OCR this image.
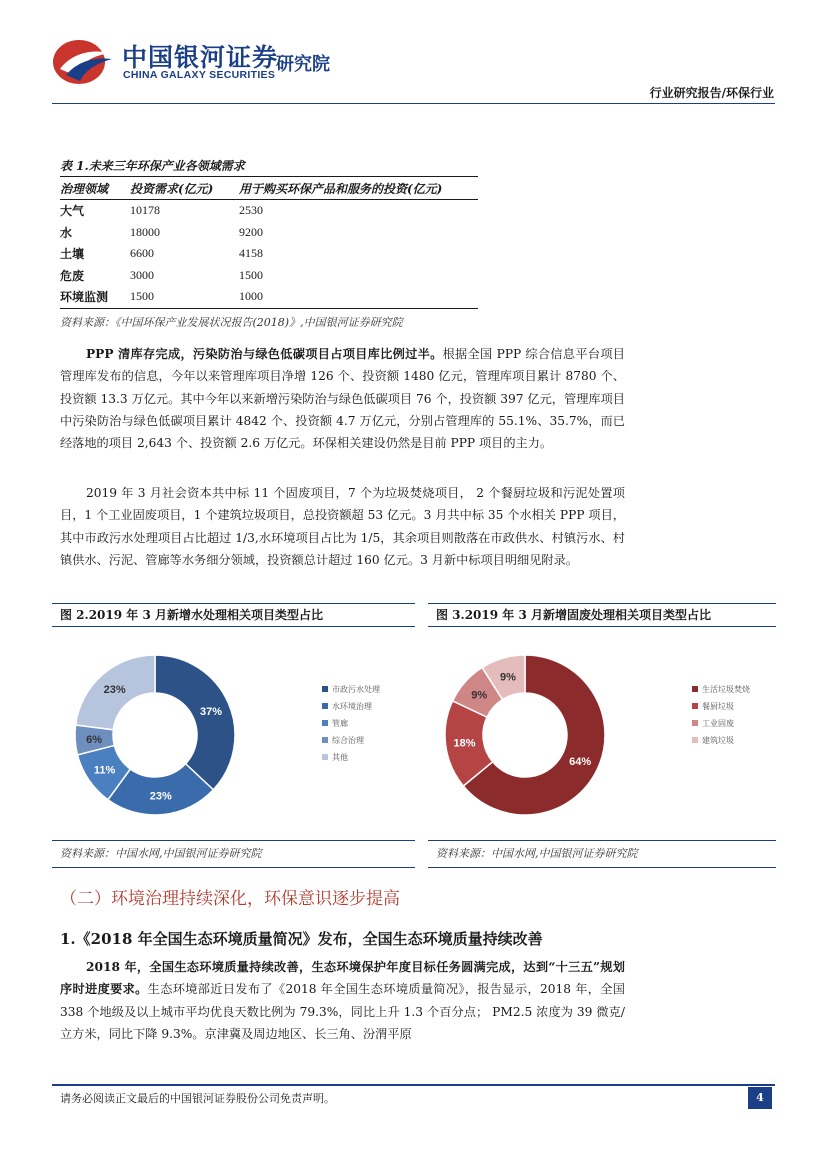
中国银河证券
CHINA GALAXY SECURITIES 研究院
行业研究报告/环保行业
表 1.未来三年环保产业各领域需求
治理领域	投资需求(亿元)	用于购买环保产品和服务的投资(亿元)
大气	10178	2530
水	18000	9200
土壤	6600	4158
危废	3000	1500
环境监测	1500	1000
资料来源：《中国环保产业发展状况报告(2018)》,中国银河证券研究院
PPP 清库存完成，污染防治与绿色低碳项目占项目库比例过半。根据全国 PPP 综合信息平台项目管理库发布的信息，今年以来管理库项目净增 126 个、投资额 1480 亿元，管理库项目累计 8780 个、投资额 13.3 万亿元。其中今年以来新增污染防治与绿色低碳项目 76 个，投资额 397 亿元，管理库项目中污染防治与绿色低碳项目累计 4842 个、投资额 4.7 万亿元，分别占管理库的 55.1%、35.7%，而已经落地的项目 2,643 个、投资额 2.6 万亿元。环保相关建设仍然是目前 PPP 项目的主力。
2019 年 3 月社会资本共中标 11 个固废项目，7 个为垃圾焚烧项目， 2 个餐厨垃圾和污泥处置项目，1 个工业固废项目，1 个建筑垃圾项目，总投资额超 53 亿元。3 月共中标 35 个水相关 PPP 项目，其中市政污水处理项目占比超过 1/3,水环境项目占比为 1/5，其余项目则散落在市政供水、村镇污水、村镇供水、污泥、管廊等水务细分领域，投资额总计超过 160 亿元。3 月新中标项目明细见附录。
图 2.2019 年 3 月新增水处理相关项目类型占比	图 3.2019 年 3 月新增固废处理相关项目类型占比
37%
23%
11%
6%
23%	市政污水处理
水环境治理
管廊
综合治理
其他	64%
18%
9%
9%
生活垃圾焚烧
餐厨垃圾
工业固废
建筑垃圾
资料来源：中国水网,中国银河证券研究院	资料来源：中国水网,中国银河证券研究院
（二）环境治理持续深化，环保意识逐步提高
1.《2018 年全国生态环境质量简况》发布，全国生态环境质量持续改善
2018 年，全国生态环境质量持续改善，生态环境保护年度目标任务圆满完成，达到“十三五”规划序时进度要求。生态环境部近日发布了《2018 年全国生态环境质量简况》，报告显示，2018 年，全国 338 个地级及以上城市平均优良天数比例为 79.3%，同比上升 1.3 个百分点； PM2.5 浓度为 39 微克/立方米，同比下降 9.3%。京津冀及周边地区、长三角、汾渭平原
请务必阅读正文最后的中国银河证券股份公司免责声明。	4
